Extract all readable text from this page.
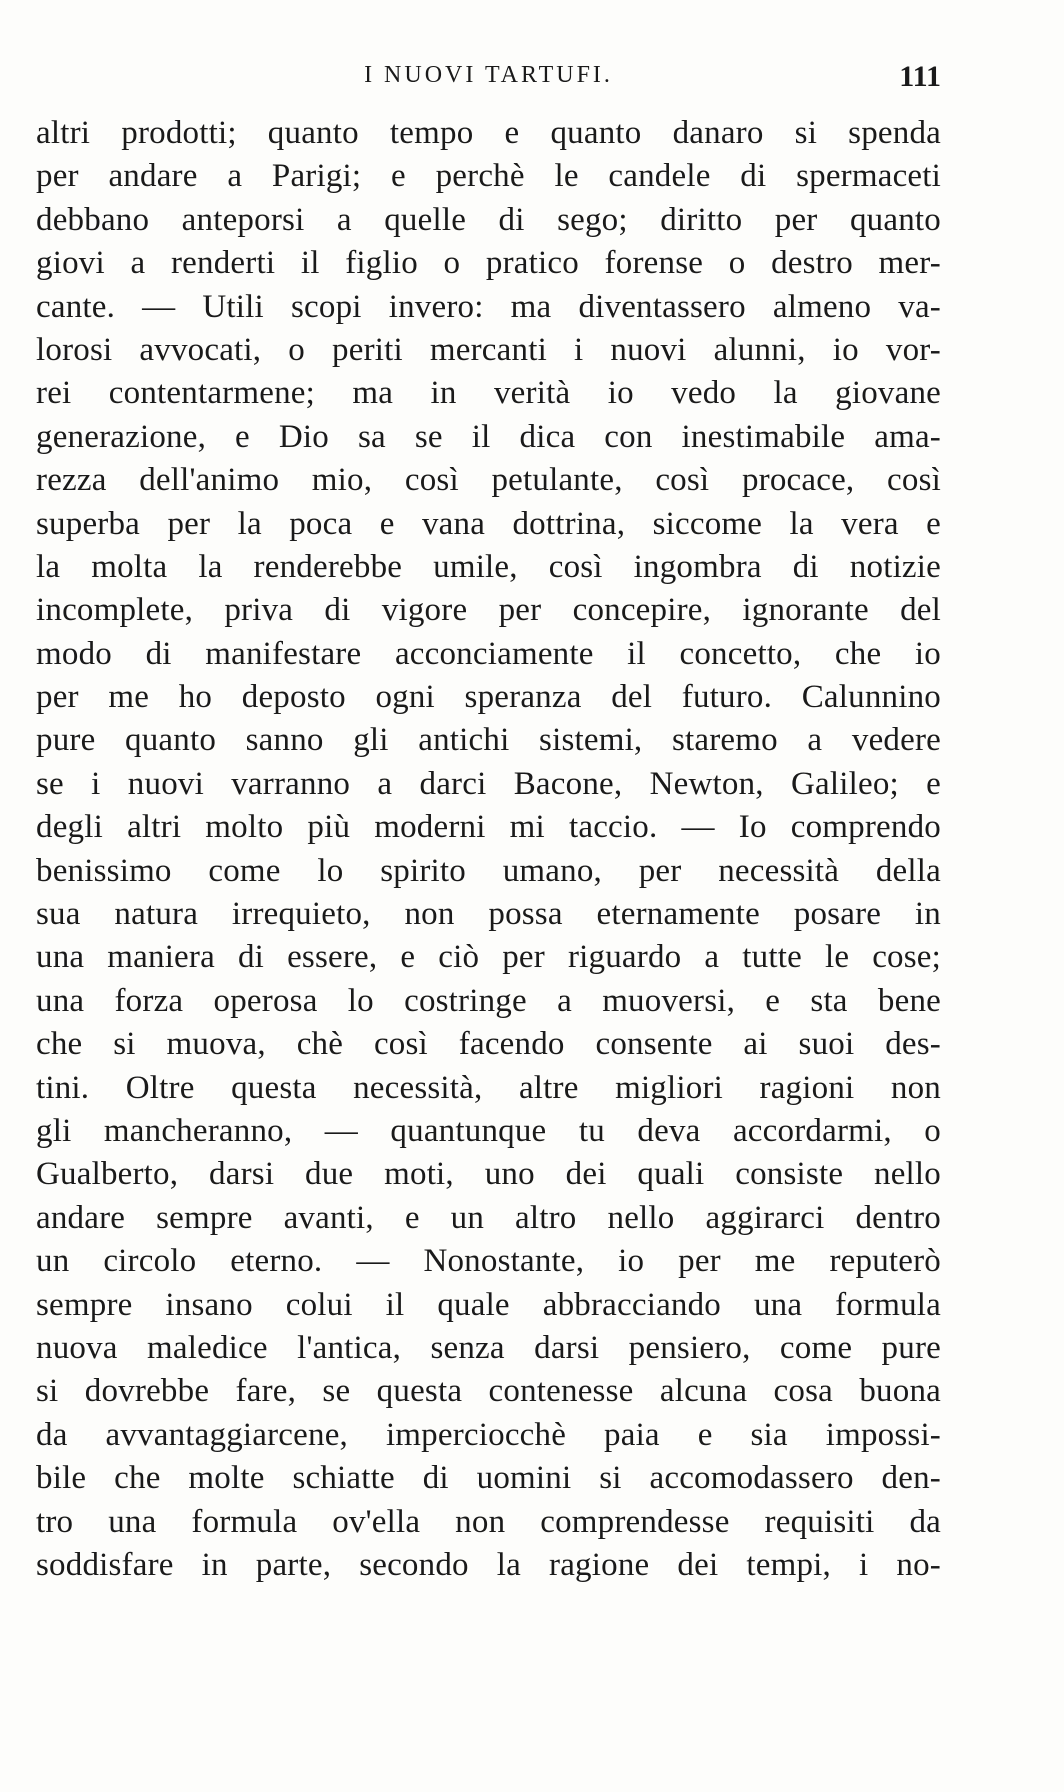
I NUOVI TARTUFI.	111
altri prodotti; quanto tempo e quanto danaro si spenda
per andare a Parigi; e perchè le candele di spermaceti
debbano anteporsi a quelle di sego; diritto per quanto
giovi a renderti il figlio o pratico forense o destro mer-
cante. — Utili scopi invero: ma diventassero almeno va-
lorosi avvocati, o periti mercanti i nuovi alunni, io vor-
rei contentarmene; ma in verità io vedo la giovane
generazione, e Dio sa se il dica con inestimabile ama-
rezza dell'animo mio, così petulante, così procace, così
superba per la poca e vana dottrina, siccome la vera e
la molta la renderebbe umile, così ingombra di notizie
incomplete, priva di vigore per concepire, ignorante del
modo di manifestare acconciamente il concetto, che io
per me ho deposto ogni speranza del futuro. Calunnino
pure quanto sanno gli antichi sistemi, staremo a vedere
se i nuovi varranno a darci Bacone, Newton, Galileo; e
degli altri molto più moderni mi taccio. — Io comprendo
benissimo come lo spirito umano, per necessità della
sua natura irrequieto, non possa eternamente posare in
una maniera di essere, e ciò per riguardo a tutte le cose;
una forza operosa lo costringe a muoversi, e sta bene
che si muova, chè così facendo consente ai suoi des-
tini. Oltre questa necessità, altre migliori ragioni non
gli mancheranno, — quantunque tu deva accordarmi, o
Gualberto, darsi due moti, uno dei quali consiste nello
andare sempre avanti, e un altro nello aggirarci dentro
un circolo eterno. — Nonostante, io per me reputerò
sempre insano colui il quale abbracciando una formula
nuova maledice l'antica, senza darsi pensiero, come pure
si dovrebbe fare, se questa contenesse alcuna cosa buona
da avvantaggiarcene, imperciocchè paia e sia impossi-
bile che molte schiatte di uomini si accomodassero den-
tro una formula ov'ella non comprendesse requisiti da
soddisfare in parte, secondo la ragione dei tempi, i no-
